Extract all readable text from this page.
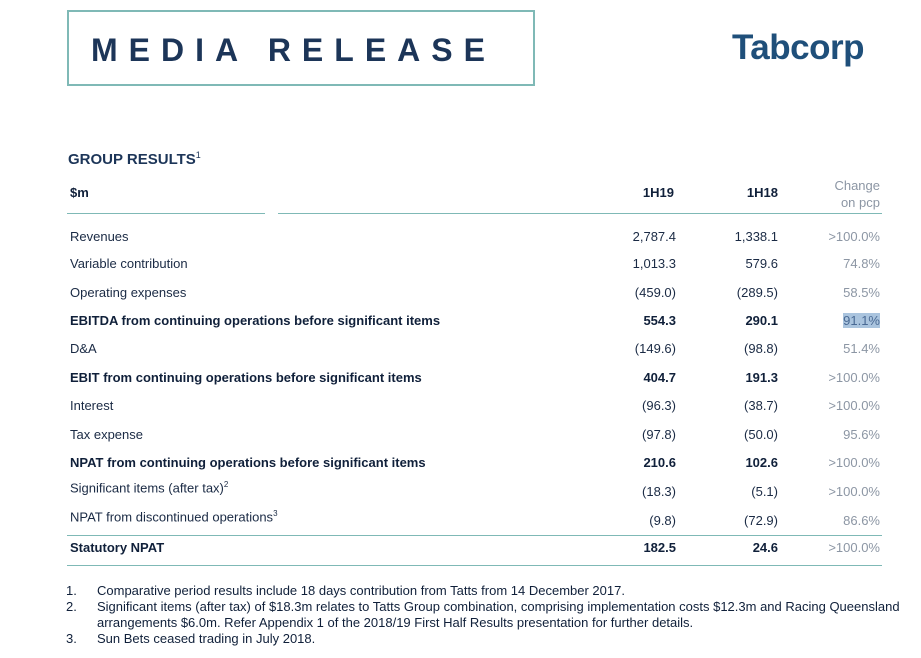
MEDIA RELEASE	Tabcorp
GROUP RESULTS$^1$
$m	1H19	1H18	Change
on pcp
Revenues	2,787.4	1,338.1	>100.0%
Variable contribution	1,013.3	579.6	74.8%
Operating expenses	(459.0)	(289.5)	58.5%
EBITDA from continuing operations before significant items	554.3	290.1	91.1%
D&A	(149.6)	(98.8)	51.4%
EBIT from continuing operations before significant items	404.7	191.3	>100.0%
Interest	(96.3)	(38.7)	>100.0%
Tax expense	(97.8)	(50.0)	95.6%
NPAT from continuing operations before significant items	210.6	102.6	>100.0%
Significant items (after tax)$^2$	(18.3)	(5.1)	>100.0%
NPAT from discontinued operations$^3$	(9.8)	(72.9)	86.6%
Statutory NPAT	182.5	24.6	>100.0%
1. Comparative period results include 18 days contribution from Tatts from 14 December 2017.
2. Significant items (after tax) of $18.3m relates to Tatts Group combination, comprising implementation costs $12.3m and Racing Queensland arrangements $6.0m. Refer Appendix 1 of the 2018/19 First Half Results presentation for further details.
3. Sun Bets ceased trading in July 2018.
